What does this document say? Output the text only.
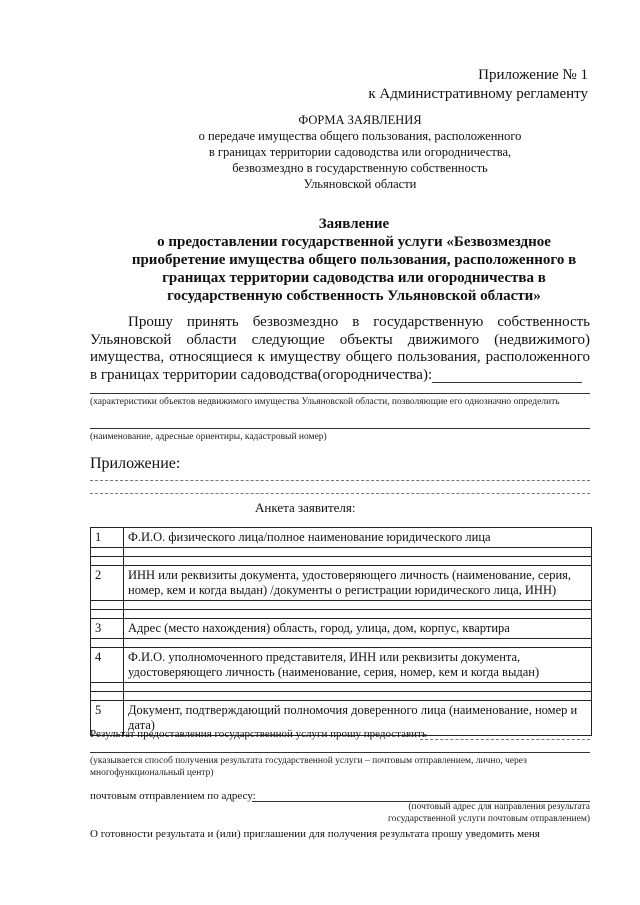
Приложение № 1
к Административному регламенту
ФОРМА ЗАЯВЛЕНИЯ
о передаче имущества общего пользования, расположенного
в границах территории садоводства или огородничества,
безвозмездно в государственную собственность
Ульяновской области
Заявление
о предоставлении государственной услуги «Безвозмездное
приобретение имущества общего пользования, расположенного в
границах территории садоводства или огородничества в
государственную собственность Ульяновской области»
Прошу принять безвозмездно в государственную собственность Ульяновской области следующие объекты движимого (недвижимого) имущества, относящиеся к имуществу общего пользования, расположенного в границах территории садоводства(огородничества):
(характеристики объектов недвижимого имущества Ульяновской области, позволяющие его однозначно определить
(наименование, адресные ориентиры, кадастровый номер)
Приложение:
Анкета заявителя:
1	Ф.И.О. физического лица/полное наименование юридического лица

2	ИНН или реквизиты документа, удостоверяющего личность (наименование, серия, номер, кем и когда выдан) /документы о регистрации юридического лица, ИНН)

3	Адрес (место нахождения) область, город, улица, дом, корпус, квартира

4	Ф.И.О. уполномоченного представителя, ИНН или реквизиты документа, удостоверяющего личность (наименование, серия, номер, кем и когда выдан)

5	Документ, подтверждающий полномочия доверенного лица (наименование, номер и дата)
Результат предоставления государственной услуги прошу предоставить
(указывается способ получения результата государственной услуги – почтовым отправлением, лично, через многофункциональный центр)
почтовым отправлением по адресу:
(почтовый адрес для направления результата
государственной услуги почтовым отправлением)
О готовности результата и (или) приглашении для получения результата прошу уведомить меня
